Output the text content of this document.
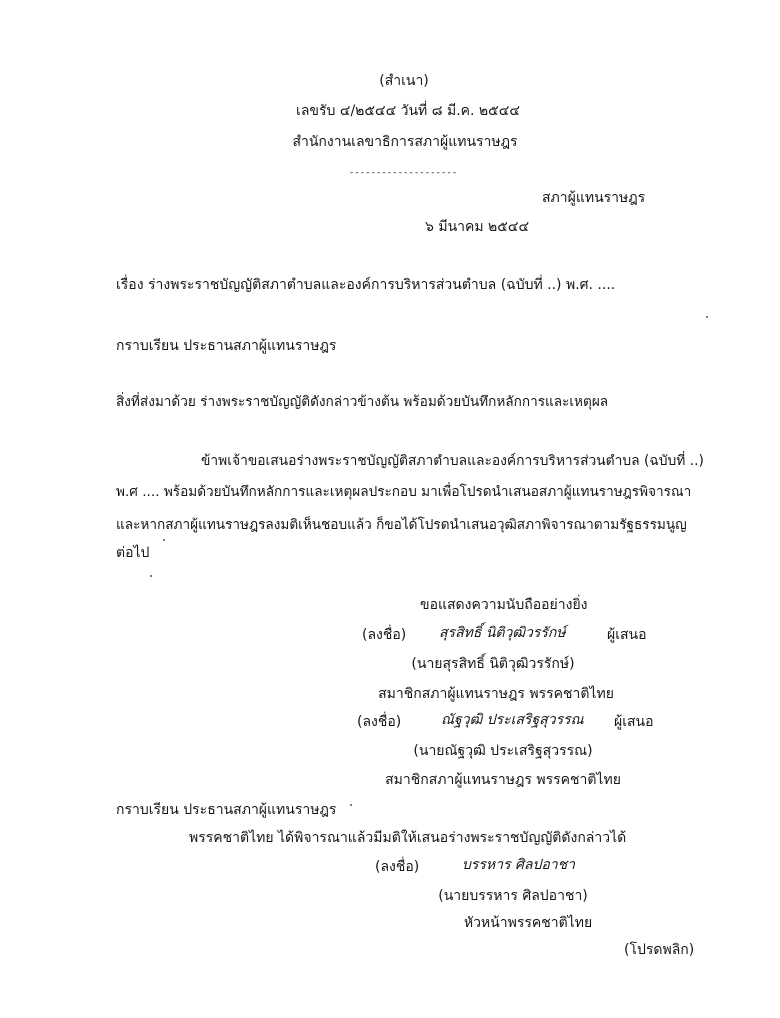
(สำเนา)
เลขรับ ๔/๒๕๔๔ วันที่ ๘ มี.ค. ๒๕๔๔
สำนักงานเลขาธิการสภาผู้แทนราษฎร
--------------------
สภาผู้แทนราษฎร
๖ มีนาคม ๒๕๔๔
เรื่อง ร่างพระราชบัญญัติสภาตำบลและองค์การบริหารส่วนตำบล (ฉบับที่ ..) พ.ศ. ....
กราบเรียน ประธานสภาผู้แทนราษฎร
สิ่งที่ส่งมาด้วย ร่างพระราชบัญญัติดังกล่าวข้างต้น พร้อมด้วยบันทึกหลักการและเหตุผล
ข้าพเจ้าขอเสนอร่างพระราชบัญญัติสภาตำบลและองค์การบริหารส่วนตำบล (ฉบับที่ ..)
พ.ศ .... พร้อมด้วยบันทึกหลักการและเหตุผลประกอบ มาเพื่อโปรดนำเสนอสภาผู้แทนราษฎรพิจารณา
และหากสภาผู้แทนราษฎรลงมติเห็นชอบแล้ว ก็ขอได้โปรดนำเสนอวุฒิสภาพิจารณาตามรัฐธรรมนูญ
ต่อไป
ขอแสดงความนับถืออย่างยิ่ง
(ลงชื่อ) สุรสิทธิ์ นิติวุฒิวรรักษ์	ผู้เสนอ
(นายสุรสิทธิ์ นิติวุฒิวรรักษ์)
สมาชิกสภาผู้แทนราษฎร พรรคชาติไทย
(ลงชื่อ)	ณัฐวุฒิ ประเสริฐสุวรรณ ผู้เสนอ
(นายณัฐวุฒิ ประเสริฐสุวรรณ)
สมาชิกสภาผู้แทนราษฎร พรรคชาติไทย
กราบเรียน ประธานสภาผู้แทนราษฎร
พรรคชาติไทย ได้พิจารณาแล้วมีมติให้เสนอร่างพระราชบัญญัติดังกล่าวได้
(ลงชื่อ)	บรรหาร ศิลปอาชา
(นายบรรหาร ศิลปอาชา)
หัวหน้าพรรคชาติไทย
(โปรดพลิก)
